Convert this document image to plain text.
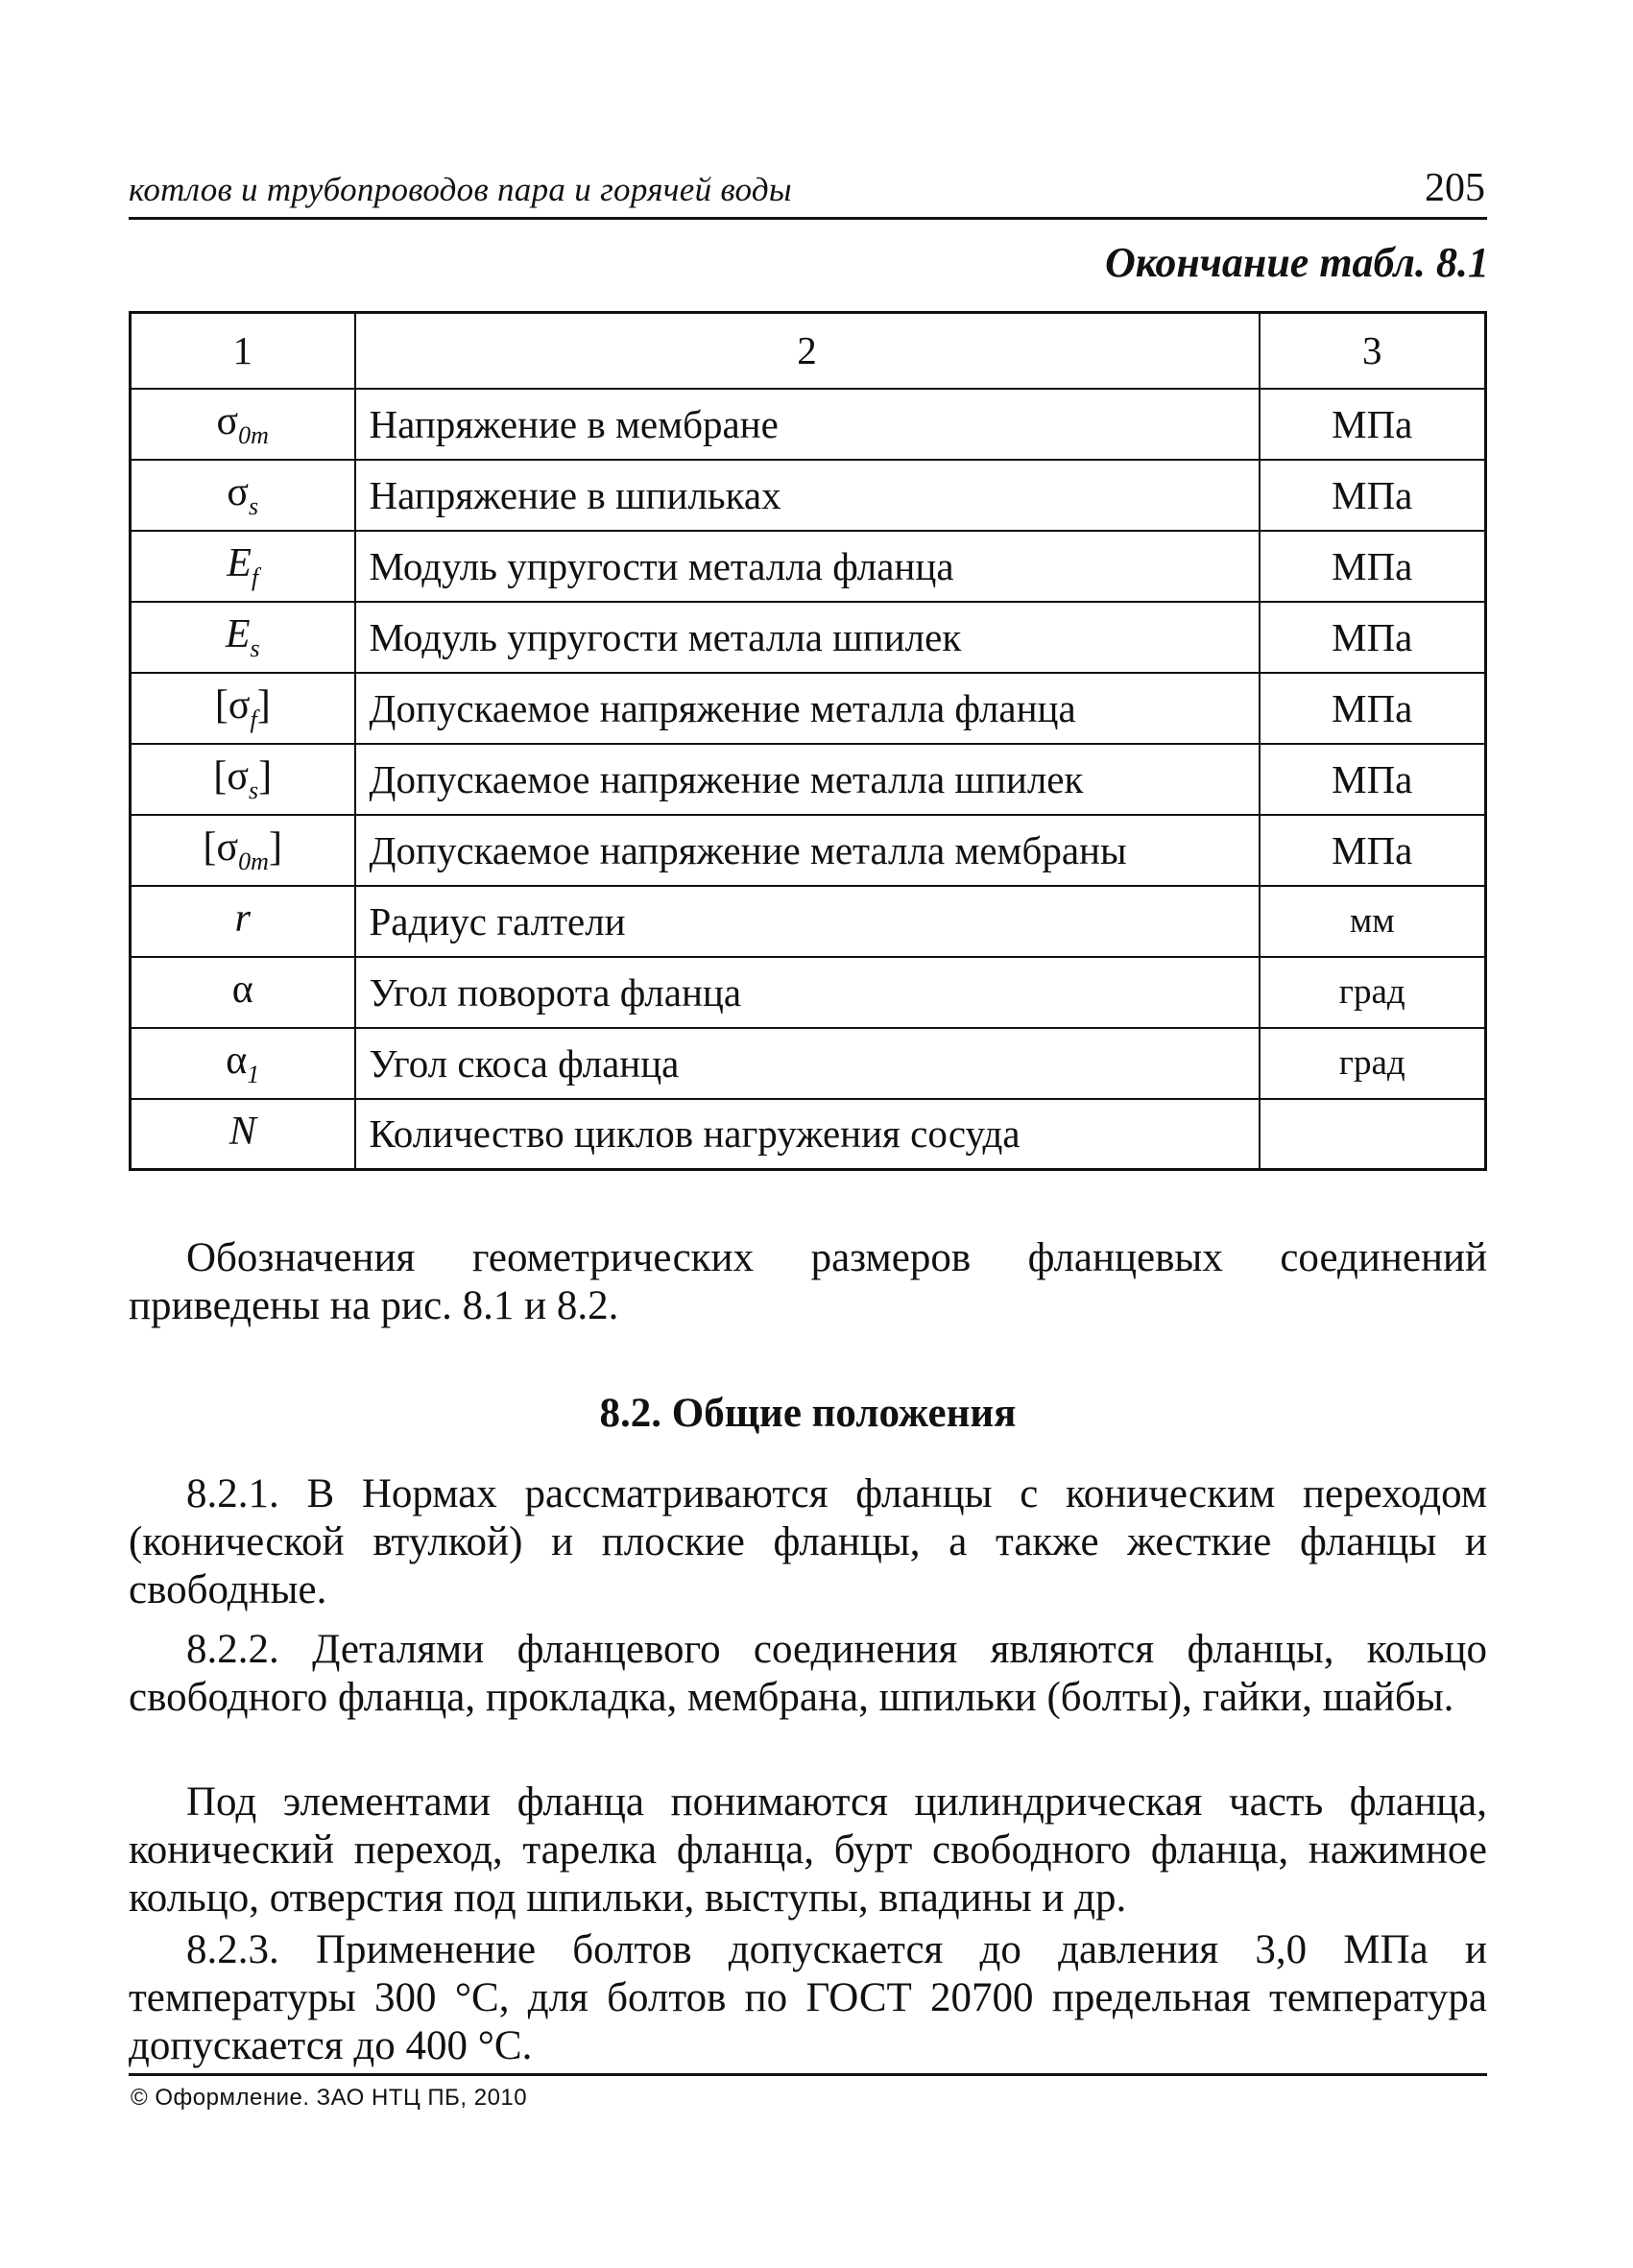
котлов и трубопроводов пара и горячей воды	205
Окончание табл. 8.1
1	2	3
$\sigma_{0m}$	Напряжение в мембране	МПа
$\sigma_s$	Напряжение в шпильках	МПа
$E_f$	Модуль упругости металла фланца	МПа
$E_s$	Модуль упругости металла шпилек	МПа
$[\sigma_f]$	Допускаемое напряжение металла фланца	МПа
$[\sigma_s]$	Допускаемое напряжение металла шпилек	МПа
$[\sigma_{0m}]$	Допускаемое напряжение металла мембраны	МПа
r	Радиус галтели	мм
α	Угол поворота фланца	град
$\alpha_1$	Угол скоса фланца	град
N	Количество циклов нагружения сосуда	

Обозначения геометрических размеров фланцевых соединений приведены на рис. 8.1 и 8.2.

8.2. Общие положения

8.2.1. В Нормах рассматриваются фланцы с коническим переходом (конической втулкой) и плоские фланцы, а также жесткие фланцы и свободные.

8.2.2. Деталями фланцевого соединения являются фланцы, кольцо свободного фланца, прокладка, мембрана, шпильки (болты), гайки, шайбы.

Под элементами фланца понимаются цилиндрическая часть фланца, конический переход, тарелка фланца, бурт свободного фланца, нажимное кольцо, отверстия под шпильки, выступы, впадины и др.

8.2.3. Применение болтов допускается до давления 3,0 МПа и температуры 300 °С, для болтов по ГОСТ 20700 предельная температура допускается до 400 °С.

© Оформление. ЗАО НТЦ ПБ, 2010
